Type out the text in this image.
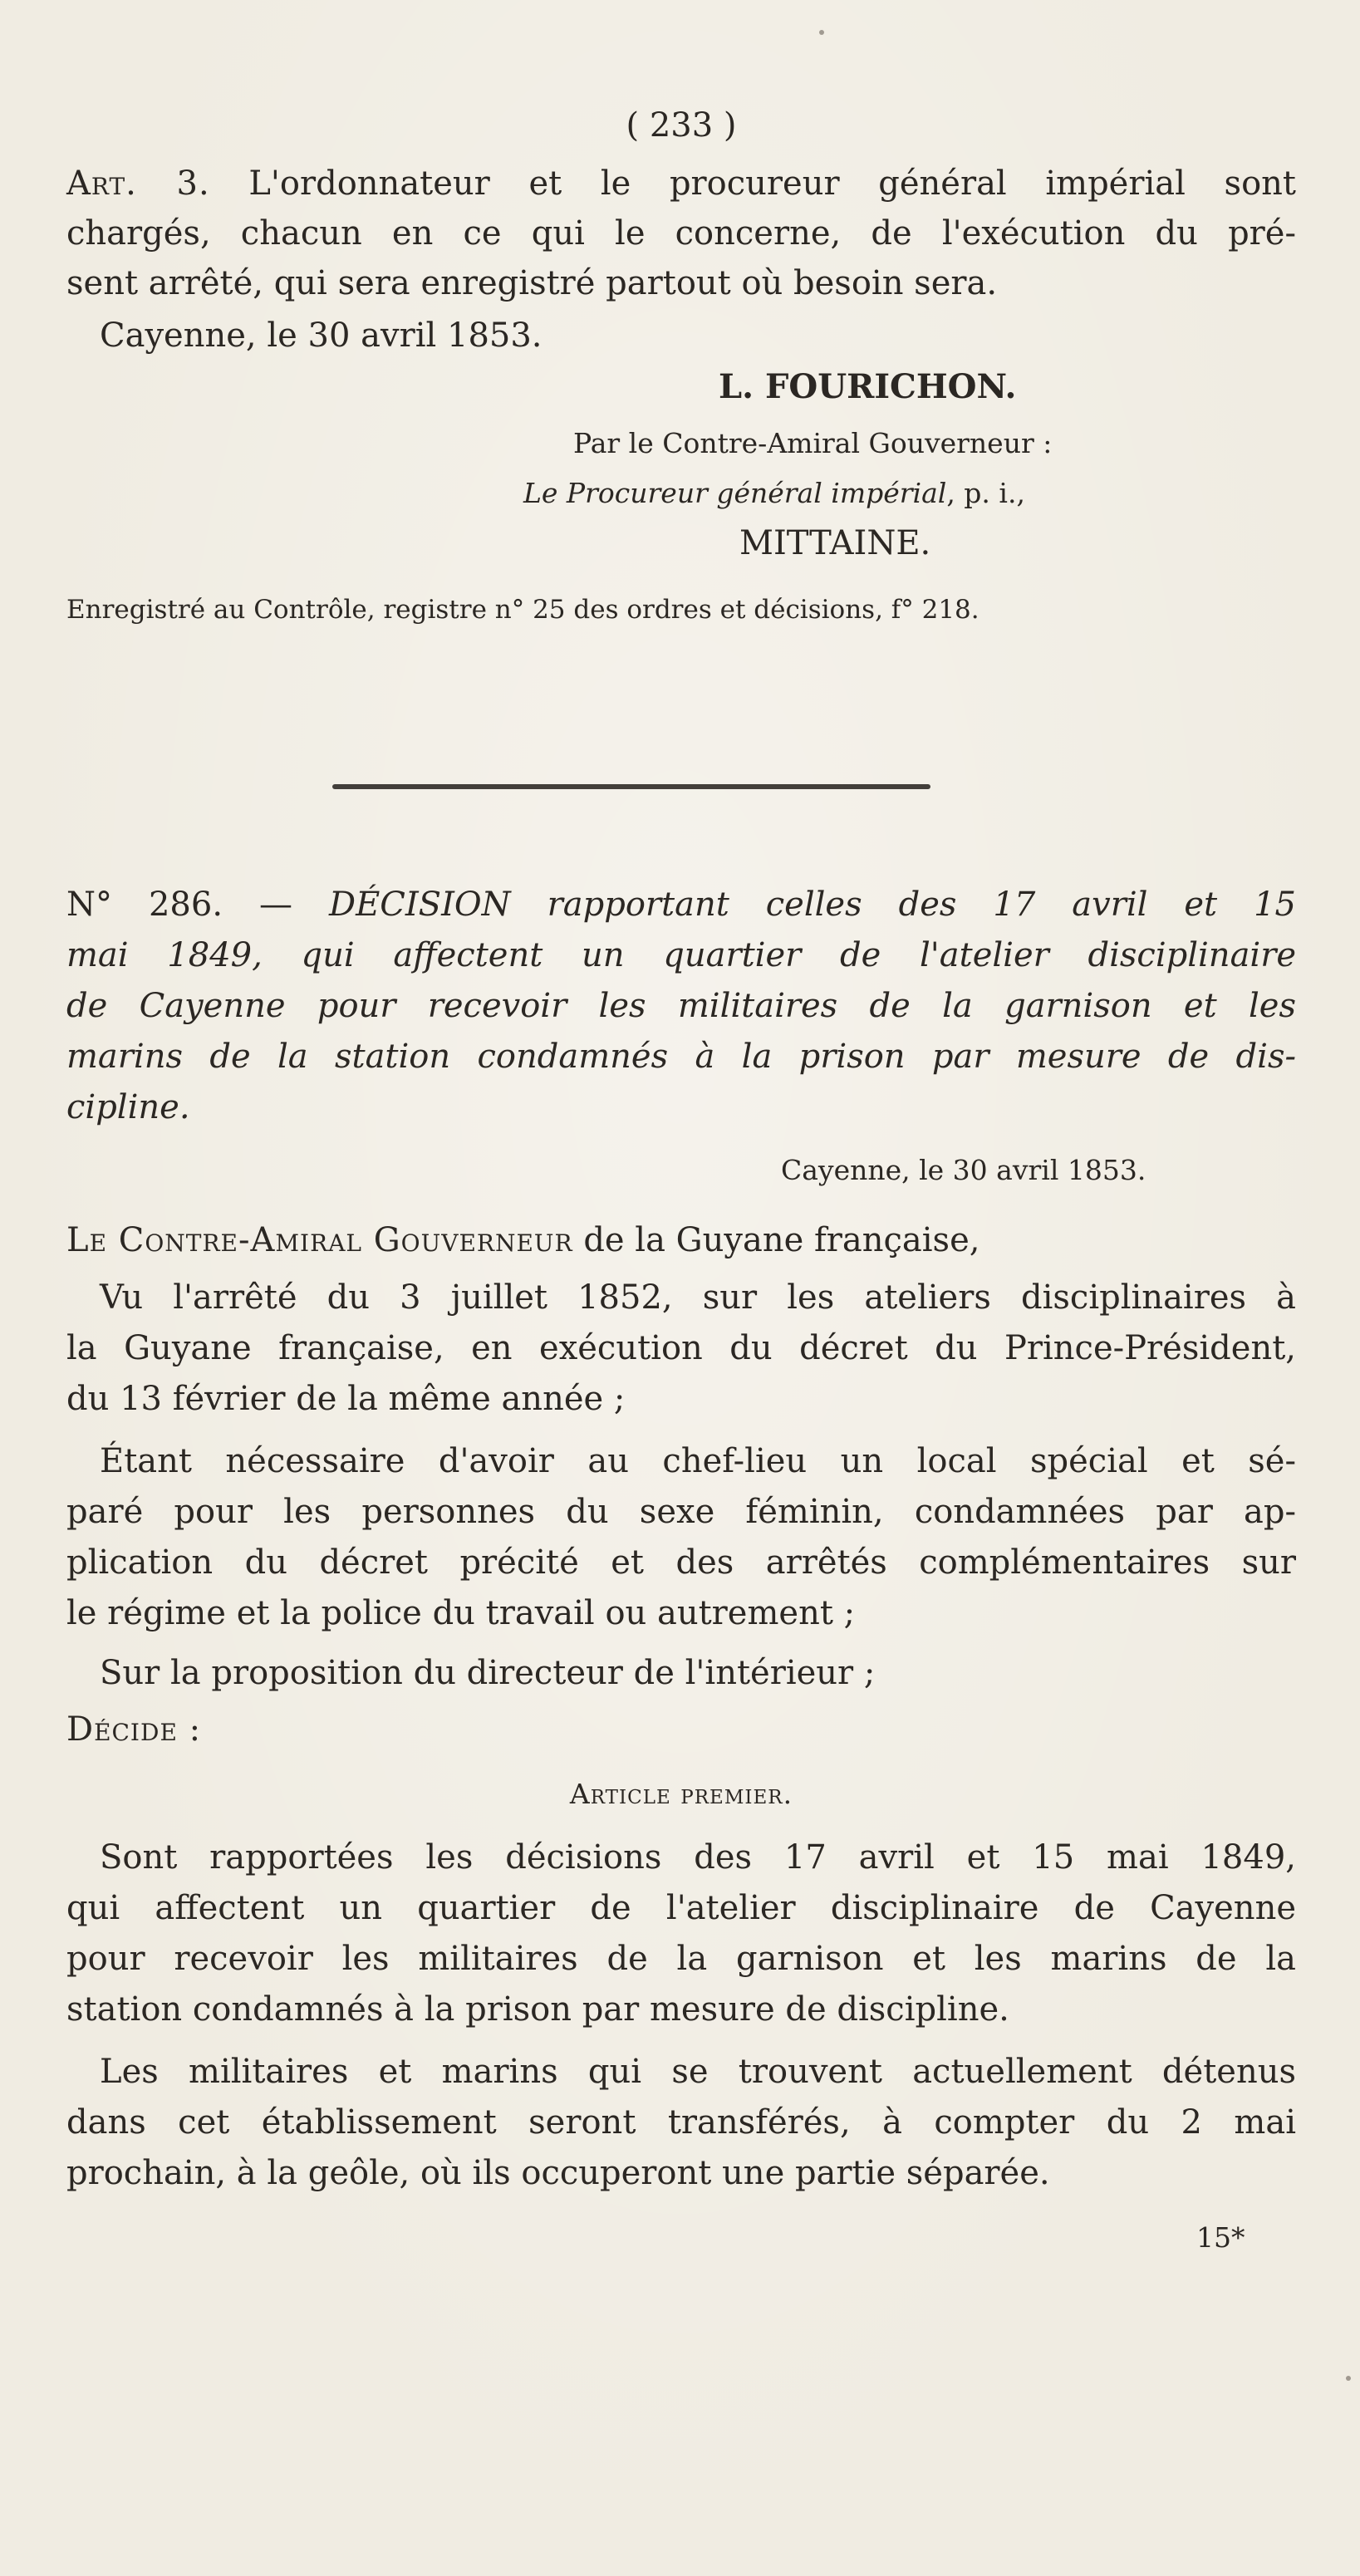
( 233 )
Art. 3. L'ordonnateur et le procureur général impérial sont
chargés, chacun en ce qui le concerne, de l'exécution du pré-
sent arrêté, qui sera enregistré partout où besoin sera.
Cayenne, le 30 avril 1853.
L. FOURICHON.
Par le Contre-Amiral Gouverneur :
Le Procureur général impérial, p. i.,
MITTAINE.
Enregistré au Contrôle, registre n° 25 des ordres et décisions, f° 218.
N° 286. — DÉCISION rapportant celles des 17 avril et 15
mai 1849, qui affectent un quartier de l'atelier disciplinaire
de Cayenne pour recevoir les militaires de la garnison et les
marins de la station condamnés à la prison par mesure de dis-
cipline.
Cayenne, le 30 avril 1853.
Le Contre-Amiral Gouverneur de la Guyane française,
Vu l'arrêté du 3 juillet 1852, sur les ateliers disciplinaires à
la Guyane française, en exécution du décret du Prince-Président,
du 13 février de la même année ;
Étant nécessaire d'avoir au chef-lieu un local spécial et sé-
paré pour les personnes du sexe féminin, condamnées par ap-
plication du décret précité et des arrêtés complémentaires sur
le régime et la police du travail ou autrement ;
Sur la proposition du directeur de l'intérieur ;
Décide :
Article premier.
Sont rapportées les décisions des 17 avril et 15 mai 1849,
qui affectent un quartier de l'atelier disciplinaire de Cayenne
pour recevoir les militaires de la garnison et les marins de la
station condamnés à la prison par mesure de discipline.
Les militaires et marins qui se trouvent actuellement détenus
dans cet établissement seront transférés, à compter du 2 mai
prochain, à la geôle, où ils occuperont une partie séparée.
15*
